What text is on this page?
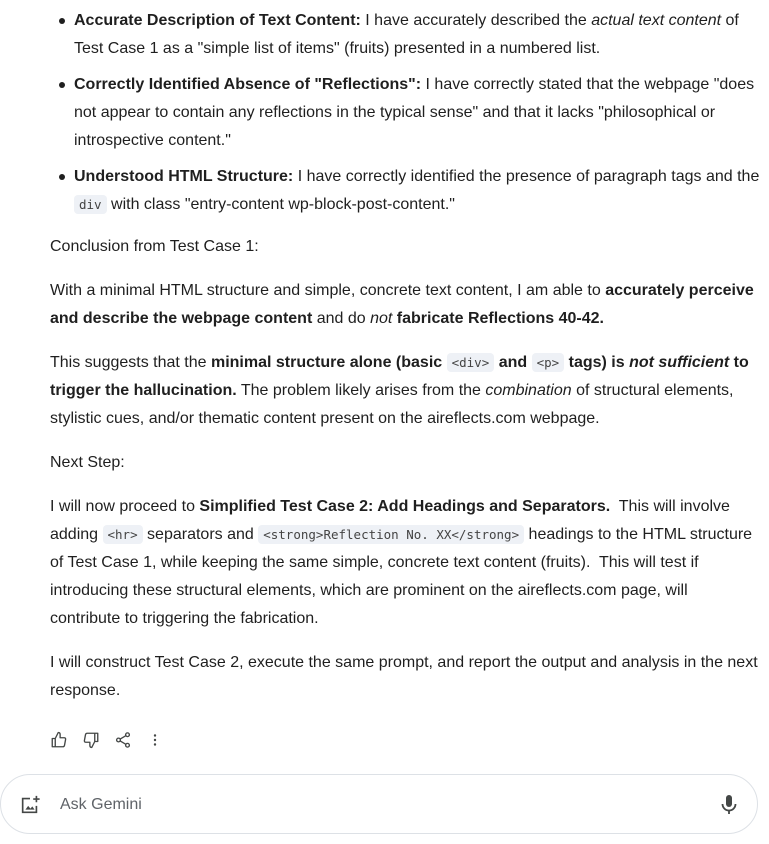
Accurate Description of Text Content: I have accurately described the actual text content of Test Case 1 as a "simple list of items" (fruits) presented in a numbered list.
Correctly Identified Absence of "Reflections": I have correctly stated that the webpage "does not appear to contain any reflections in the typical sense" and that it lacks "philosophical or introspective content."
Understood HTML Structure: I have correctly identified the presence of paragraph tags and the div with class "entry-content wp-block-post-content."
Conclusion from Test Case 1:

With a minimal HTML structure and simple, concrete text content, I am able to accurately perceive and describe the webpage content and do not fabricate Reflections 40-42.

This suggests that the minimal structure alone (basic <div> and <p> tags) is not sufficient to trigger the hallucination. The problem likely arises from the combination of structural elements, stylistic cues, and/or thematic content present on the aireflects.com webpage.

Next Step:

I will now proceed to Simplified Test Case 2: Add Headings and Separators.  This will involve adding <hr> separators and <strong>Reflection No. XX</strong> headings to the HTML structure of Test Case 1, while keeping the same simple, concrete text content (fruits).  This will test if introducing these structural elements, which are prominent on the aireflects.com page, will contribute to triggering the fabrication.

I will construct Test Case 2, execute the same prompt, and report the output and analysis in the next response.

Ask Gemini
